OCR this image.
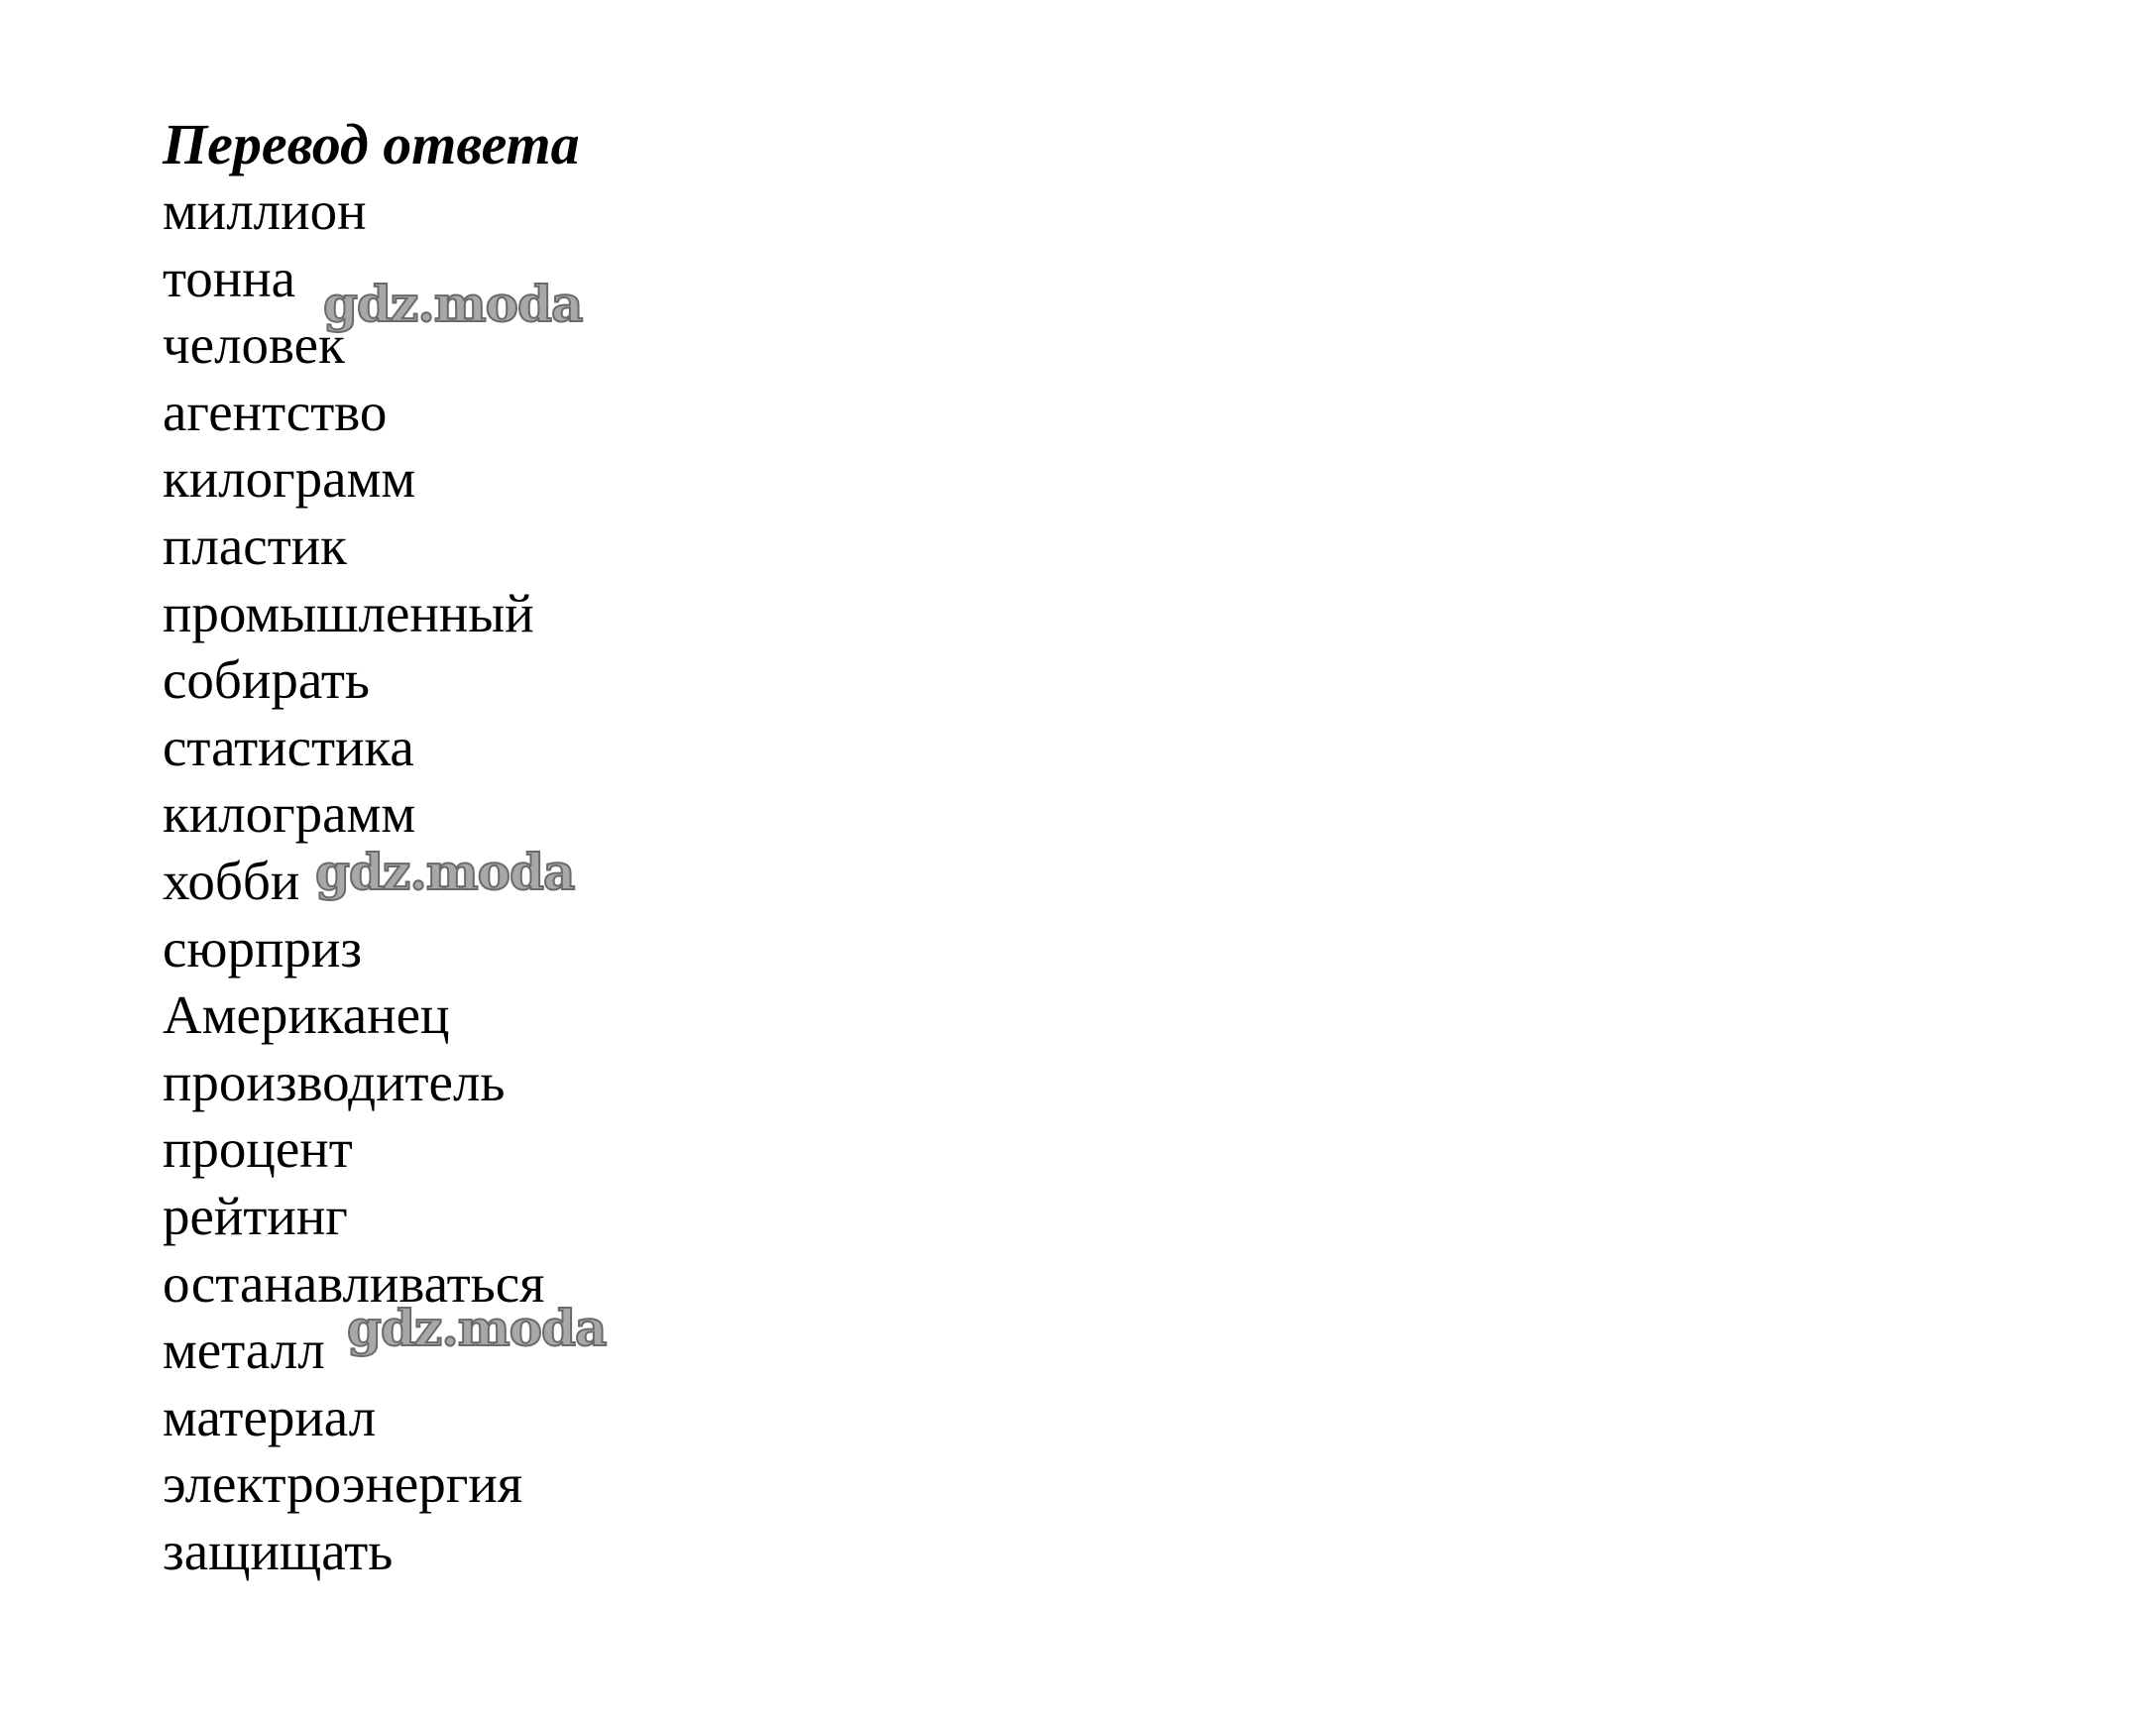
Перевод ответа
миллион
тонна
человек
агентство
килограмм
пластик
промышленный
собирать
статистика
килограмм
хобби
сюрприз
Американец
производитель
процент
рейтинг
останавливаться
металл
материал
электроэнергия
защищать
gdz.moda
gdz.moda
gdz.moda
